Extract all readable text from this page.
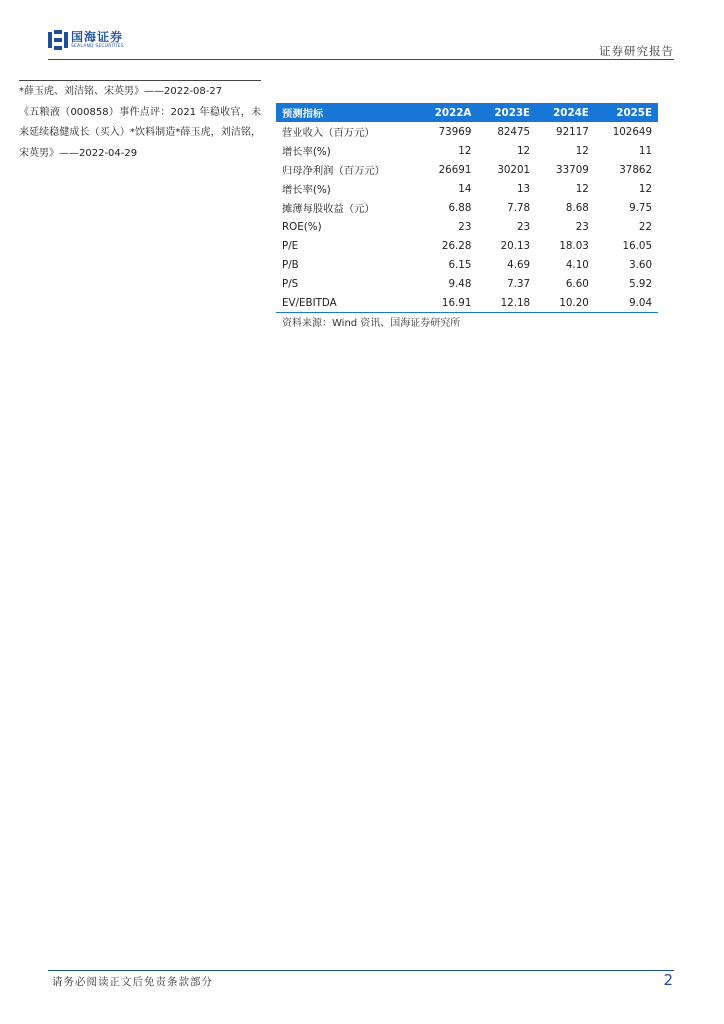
国海证券
SEALAND SECURITIES	证券研究报告

*薛玉虎、刘洁铭、宋英男》——2022-08-27

《五粮液（000858）事件点评：2021 年稳收官，未来延续稳健成长（买入）*饮料制造*薛玉虎，刘洁铭，宋英男》——2022-04-29

预测指标	2022A	2023E	2024E	2025E
营业收入（百万元）	73969	82475	92117	102649
增长率(%)	12	12	12	11
归母净利润（百万元）	26691	30201	33709	37862
增长率(%)	14	13	12	12
摊薄每股收益（元）	6.88	7.78	8.68	9.75
ROE(%)	23	23	23	22
P/E	26.28	20.13	18.03	16.05
P/B	6.15	4.69	4.10	3.60
P/S	9.48	7.37	6.60	5.92
EV/EBITDA	16.91	12.18	10.20	9.04
资料来源：Wind 资讯、国海证券研究所
请务必阅读正文后免责条款部分	2
